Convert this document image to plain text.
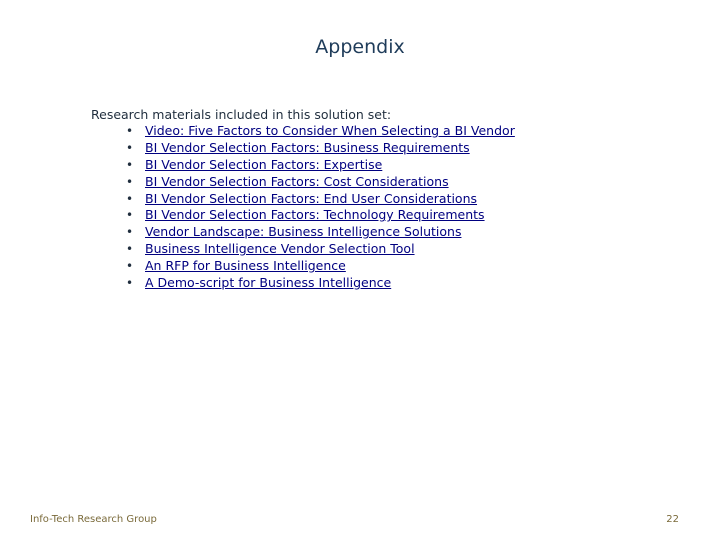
Appendix
Research materials included in this solution set:
• Video: Five Factors to Consider When Selecting a BI Vendor
• BI Vendor Selection Factors: Business Requirements
• BI Vendor Selection Factors: Expertise
• BI Vendor Selection Factors: Cost Considerations
• BI Vendor Selection Factors: End User Considerations
• BI Vendor Selection Factors: Technology Requirements
• Vendor Landscape: Business Intelligence Solutions
• Business Intelligence Vendor Selection Tool
• An RFP for Business Intelligence
• A Demo-script for Business Intelligence
Info-Tech Research Group	22
